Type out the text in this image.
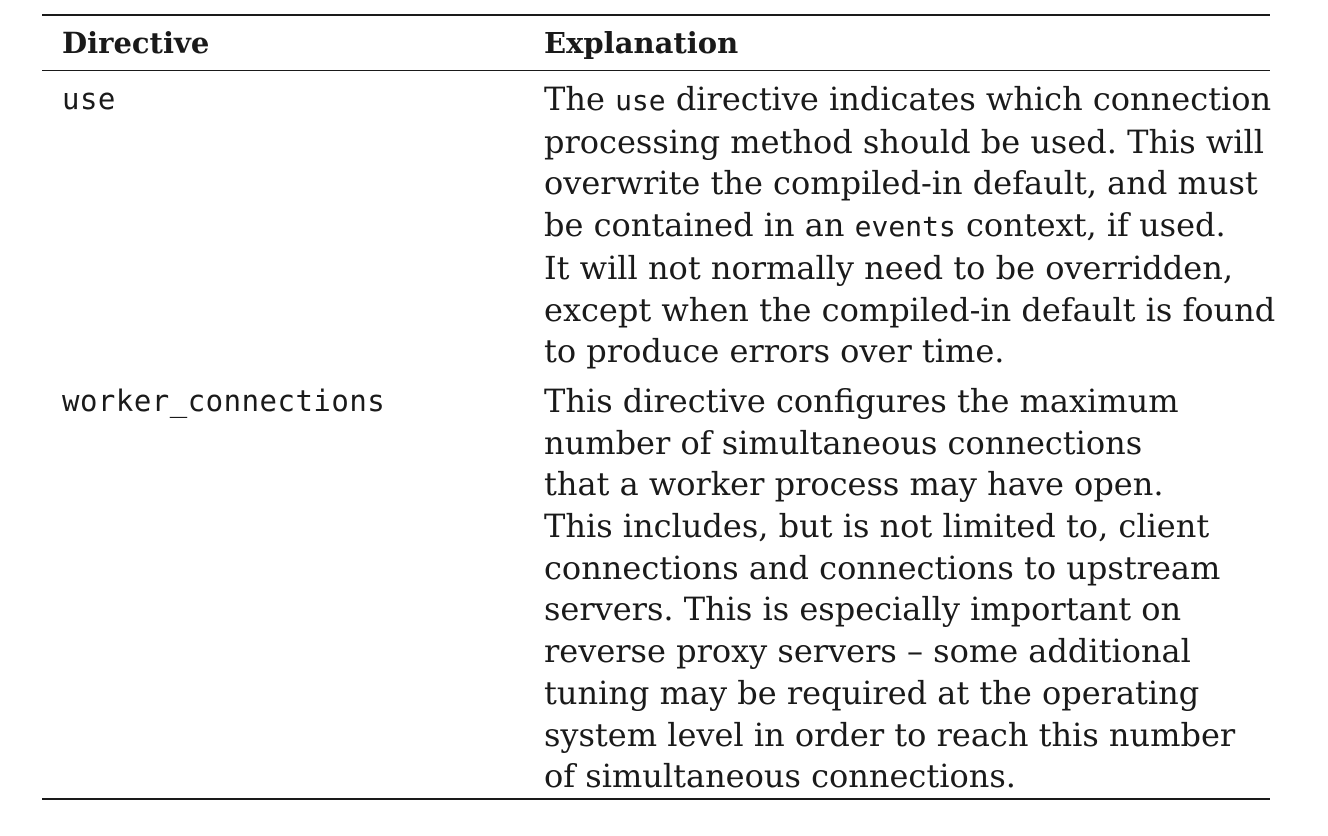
Directive	Explanation
use	The use directive indicates which connection
processing method should be used. This will
overwrite the compiled-in default, and must
be contained in an events context, if used.
It will not normally need to be overridden,
except when the compiled-in default is found
to produce errors over time.
worker_connections	This directive configures the maximum
number of simultaneous connections
that a worker process may have open.
This includes, but is not limited to, client
connections and connections to upstream
servers. This is especially important on
reverse proxy servers – some additional
tuning may be required at the operating
system level in order to reach this number
of simultaneous connections.
